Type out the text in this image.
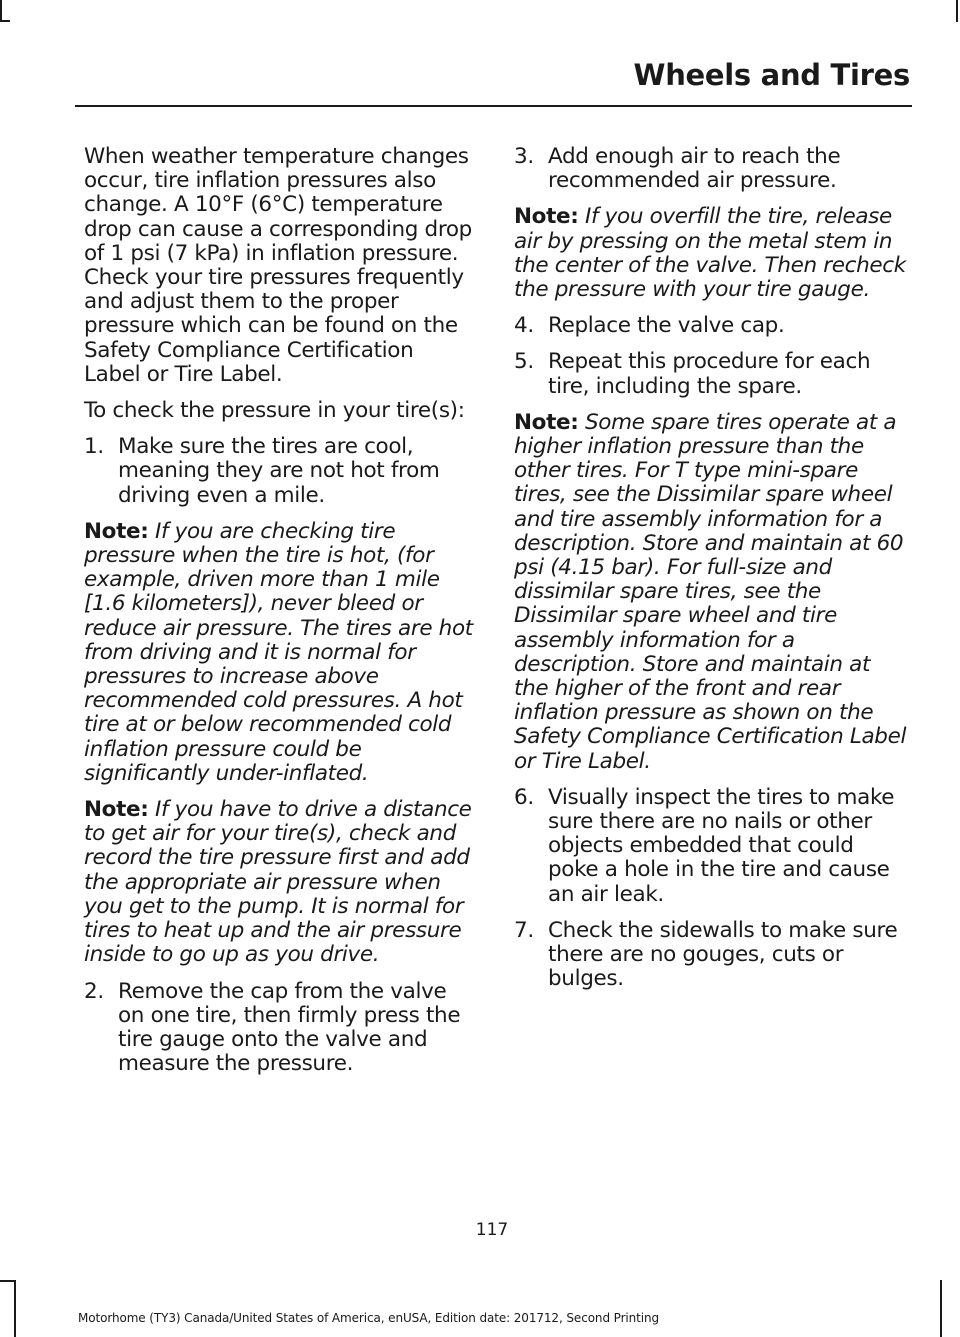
Wheels and Tires

When weather temperature changes occur, tire inflation pressures also change. A 10°F (6°C) temperature drop can cause a corresponding drop of 1 psi (7 kPa) in inflation pressure. Check your tire pressures frequently and adjust them to the proper pressure which can be found on the Safety Compliance Certification Label or Tire Label.

To check the pressure in your tire(s):

1. Make sure the tires are cool, meaning they are not hot from driving even a mile.

Note: If you are checking tire pressure when the tire is hot, (for example, driven more than 1 mile [1.6 kilometers]), never bleed or reduce air pressure. The tires are hot from driving and it is normal for pressures to increase above recommended cold pressures. A hot tire at or below recommended cold inflation pressure could be significantly under-inflated.

Note: If you have to drive a distance to get air for your tire(s), check and record the tire pressure first and add the appropriate air pressure when you get to the pump. It is normal for tires to heat up and the air pressure inside to go up as you drive.

2. Remove the cap from the valve on one tire, then firmly press the tire gauge onto the valve and measure the pressure.
3. Add enough air to reach the recommended air pressure.

Note: If you overfill the tire, release air by pressing on the metal stem in the center of the valve. Then recheck the pressure with your tire gauge.

4. Replace the valve cap.
5. Repeat this procedure for each tire, including the spare.

Note: Some spare tires operate at a higher inflation pressure than the other tires. For T type mini-spare tires, see the Dissimilar spare wheel and tire assembly information for a description. Store and maintain at 60 psi (4.15 bar). For full-size and dissimilar spare tires, see the Dissimilar spare wheel and tire assembly information for a description. Store and maintain at the higher of the front and rear inflation pressure as shown on the Safety Compliance Certification Label or Tire Label.

6. Visually inspect the tires to make sure there are no nails or other objects embedded that could poke a hole in the tire and cause an air leak.
7. Check the sidewalls to make sure there are no gouges, cuts or bulges.
117
Motorhome (TY3) Canada/United States of America, enUSA, Edition date: 201712, Second Printing
